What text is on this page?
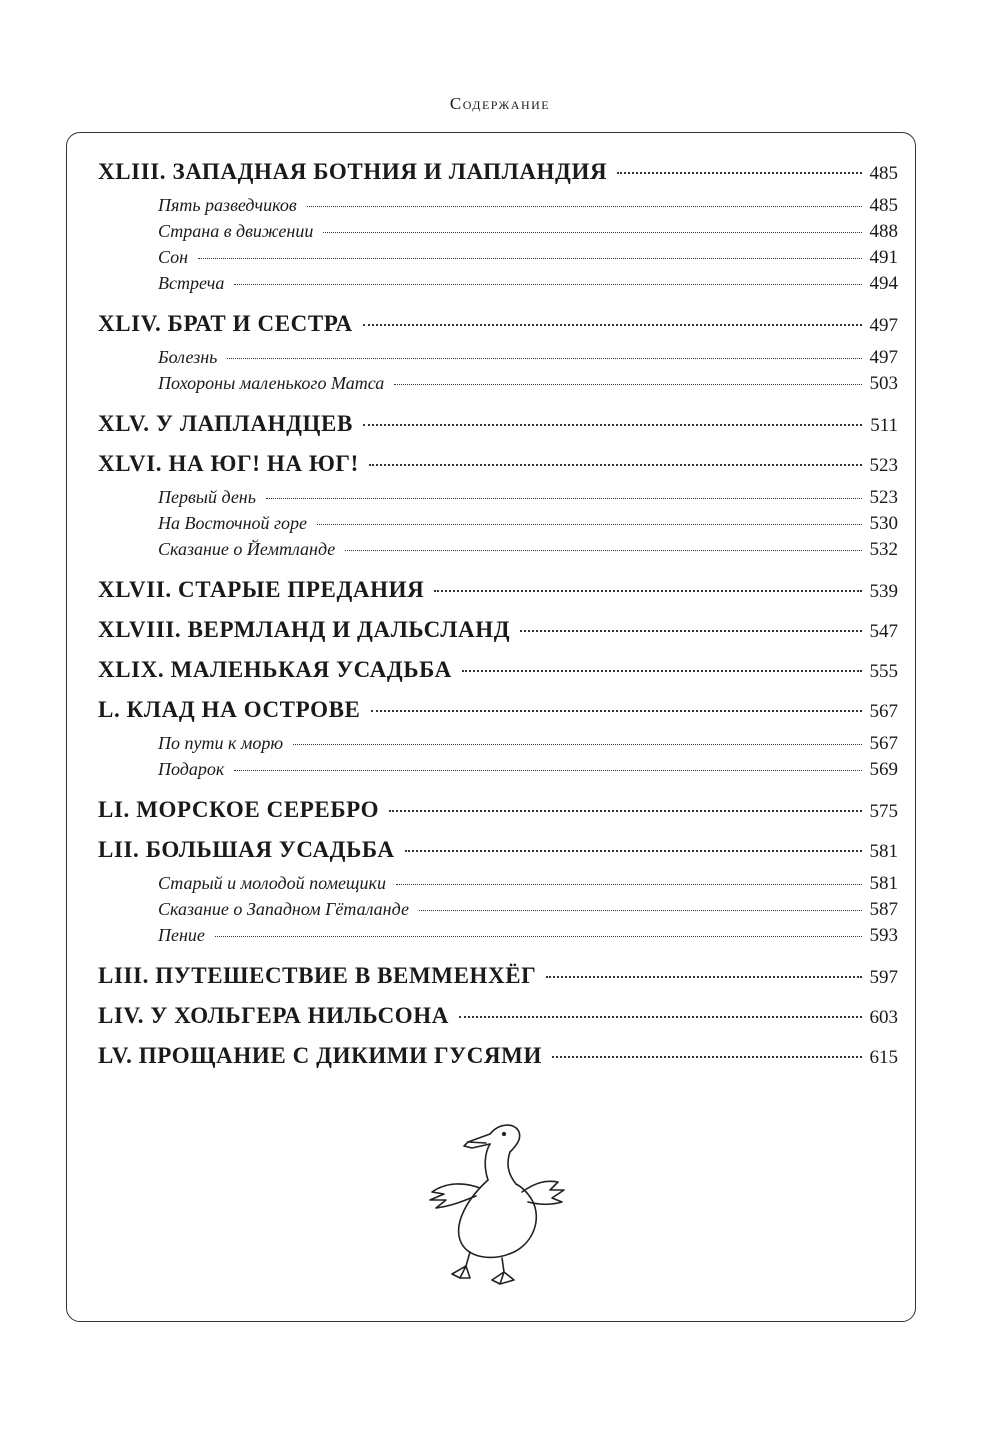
Содержание
XLIII. ЗАПАДНАЯ БОТНИЯ И ЛАПЛАНДИЯ	485
Пять разведчиков	485
Страна в движении	488
Сон	491
Встреча	494
XLIV. БРАТ И СЕСТРА	497
Болезнь	497
Похороны маленького Матса	503
XLV. У ЛАПЛАНДЦЕВ	511
XLVI. НА ЮГ! НА ЮГ!	523
Первый день	523
На Восточной горе	530
Сказание о Йемтланде	532
XLVII. СТАРЫЕ ПРЕДАНИЯ	539
XLVIII. ВЕРМЛАНД И ДАЛЬСЛАНД	547
XLIX. МАЛЕНЬКАЯ УСАДЬБА	555
L. КЛАД НА ОСТРОВЕ	567
По пути к морю	567
Подарок	569
LI. МОРСКОЕ СЕРЕБРО	575
LII. БОЛЬШАЯ УСАДЬБА	581
Старый и молодой помещики	581
Сказание о Западном Гёталанде	587
Пение	593
LIII. ПУТЕШЕСТВИЕ В ВЕММЕНХЁГ	597
LIV. У ХОЛЬГЕРА НИЛЬСОНА	603
LV. ПРОЩАНИЕ С ДИКИМИ ГУСЯМИ	615
